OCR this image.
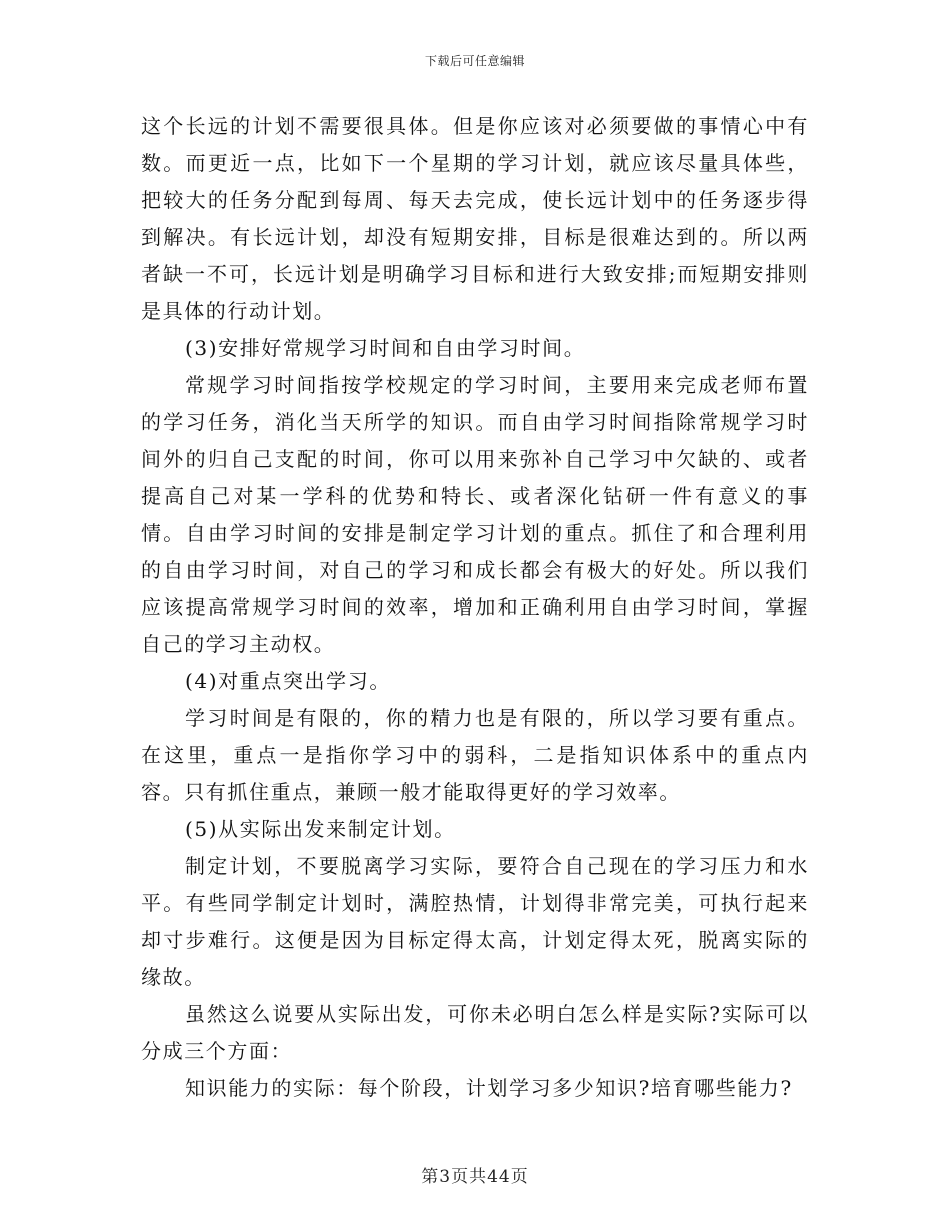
下载后可任意编辑

这个长远的计划不需要很具体。但是你应该对必须要做的事情心中有数。而更近一点，比如下一个星期的学习计划，就应该尽量具体些，把较大的任务分配到每周、每天去完成，使长远计划中的任务逐步得到解决。有长远计划，却没有短期安排，目标是很难达到的。所以两者缺一不可，长远计划是明确学习目标和进行大致安排;而短期安排则是具体的行动计划。

(3)安排好常规学习时间和自由学习时间。

常规学习时间指按学校规定的学习时间，主要用来完成老师布置的学习任务，消化当天所学的知识。而自由学习时间指除常规学习时间外的归自己支配的时间，你可以用来弥补自己学习中欠缺的、或者提高自己对某一学科的优势和特长、或者深化钻研一件有意义的事情。自由学习时间的安排是制定学习计划的重点。抓住了和合理利用的自由学习时间，对自己的学习和成长都会有极大的好处。所以我们应该提高常规学习时间的效率，增加和正确利用自由学习时间，掌握自己的学习主动权。

(4)对重点突出学习。

学习时间是有限的，你的精力也是有限的，所以学习要有重点。在这里，重点一是指你学习中的弱科，二是指知识体系中的重点内容。只有抓住重点，兼顾一般才能取得更好的学习效率。

(5)从实际出发来制定计划。

制定计划，不要脱离学习实际，要符合自己现在的学习压力和水平。有些同学制定计划时，满腔热情，计划得非常完美，可执行起来却寸步难行。这便是因为目标定得太高，计划定得太死，脱离实际的缘故。

虽然这么说要从实际出发，可你未必明白怎么样是实际?实际可以分成三个方面：

知识能力的实际：每个阶段，计划学习多少知识?培育哪些能力?

第3页共44页
